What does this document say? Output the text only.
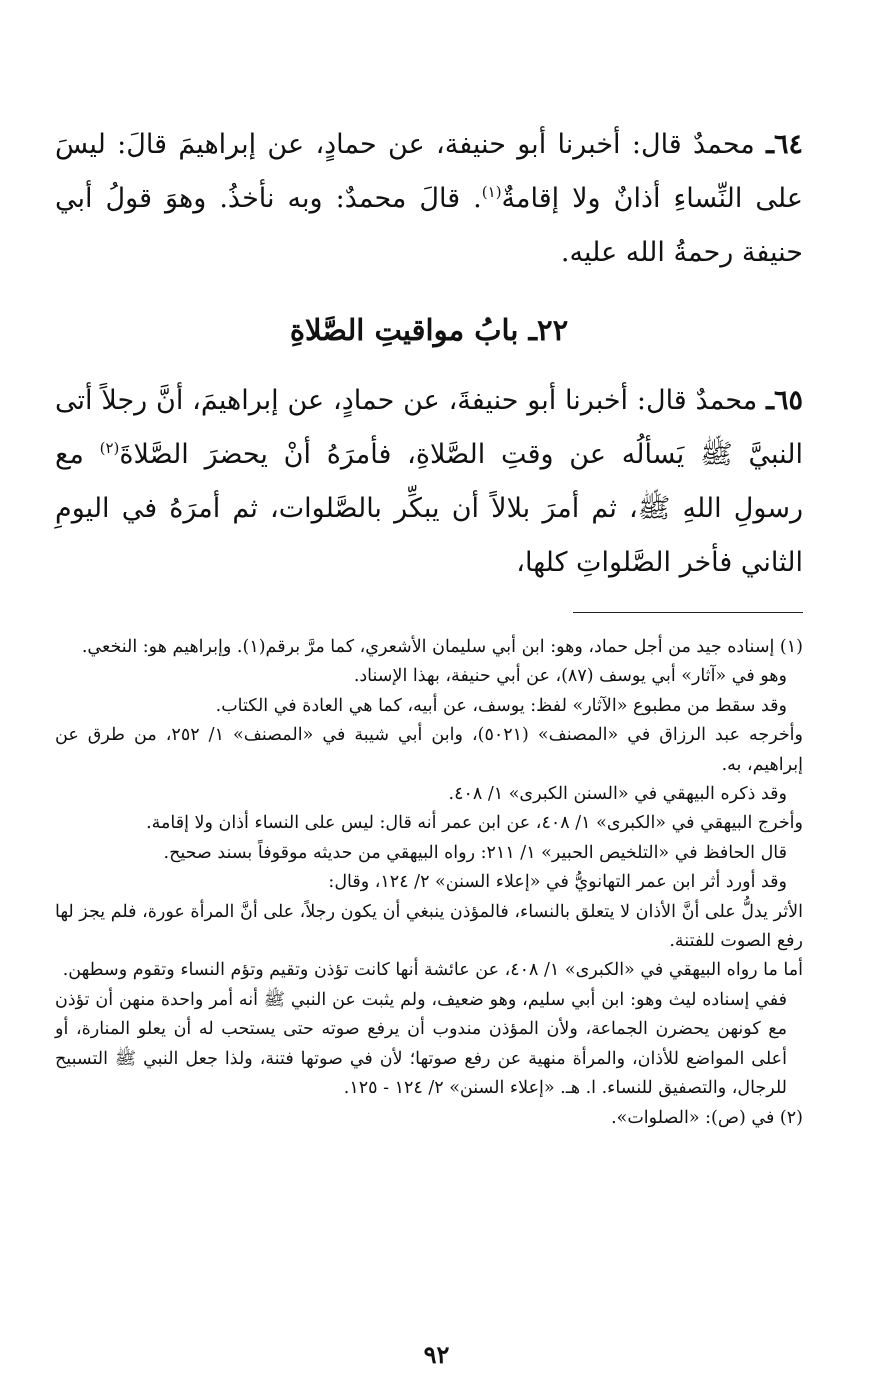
٦٤ـ محمدٌ قال: أخبرنا أبو حنيفة، عن حمادٍ، عن إبراهيمَ قالَ: ليسَ على النِّساءِ أذانٌ ولا إقامةٌ$^{(١)}$. قالَ محمدٌ: وبه نأخذُ. وهوَ قولُ أبي حنيفة رحمةُ الله عليه.

٢٢ـ بابُ مواقيتِ الصَّلاةِ

٦٥ـ محمدٌ قال: أخبرنا أبو حنيفةَ، عن حمادٍ، عن إبراهيمَ، أنَّ رجلاً أتى النبيَّ ﷺ يَسألُه عن وقتِ الصَّلاةِ، فأمرَهُ أنْ يحضرَ الصَّلاةَ$^{(٢)}$ مع رسولِ اللهِ ﷺ، ثم أمرَ بلالاً أن يبكِّر بالصَّلوات، ثم أمرَهُ في اليومِ الثاني فأخر الصَّلواتِ كلها،

(١) إسناده جيد من أجل حماد، وهو: ابن أبي سليمان الأشعري، كما مرَّ برقم(١). وإبراهيم هو: النخعي.

وهو في «آثار» أبي يوسف (٨٧)، عن أبي حنيفة، بهذا الإسناد.

وقد سقط من مطبوع «الآثار» لفظ: يوسف، عن أبيه، كما هي العادة في الكتاب.

وأخرجه عبد الرزاق في «المصنف» (٥٠٢١)، وابن أبي شيبة في «المصنف» ١/ ٢٥٢، من طرق عن إبراهيم، به.

وقد ذكره البيهقي في «السنن الكبرى» ١/ ٤٠٨.

وأخرج البيهقي في «الكبرى» ١/ ٤٠٨، عن ابن عمر أنه قال: ليس على النساء أذان ولا إقامة.

قال الحافظ في «التلخيص الحبير» ١/ ٢١١: رواه البيهقي من حديثه موقوفاً بسند صحيح.

وقد أورد أثر ابن عمر التهانويُّ في «إعلاء السنن» ٢/ ١٢٤، وقال:

الأثر يدلُّ على أنَّ الأذان لا يتعلق بالنساء، فالمؤذن ينبغي أن يكون رجلاً، على أنَّ المرأة عورة، فلم يجز لها رفع الصوت للفتنة.

أما ما رواه البيهقي في «الكبرى» ١/ ٤٠٨، عن عائشة أنها كانت تؤذن وتقيم وتؤم النساء وتقوم وسطهن.

ففي إسناده ليث وهو: ابن أبي سليم، وهو ضعيف، ولم يثبت عن النبي ﷺ أنه أمر واحدة منهن أن تؤذن مع كونهن يحضرن الجماعة، ولأن المؤذن مندوب أن يرفع صوته حتى يستحب له أن يعلو المنارة، أو أعلى المواضع للأذان، والمرأة منهية عن رفع صوتها؛ لأن في صوتها فتنة، ولذا جعل النبي ﷺ التسبيح للرجال، والتصفيق للنساء. ا. هـ. «إعلاء السنن» ٢/ ١٢٤ - ١٢٥.

(٢) في (ص): «الصلوات».

٩٢
